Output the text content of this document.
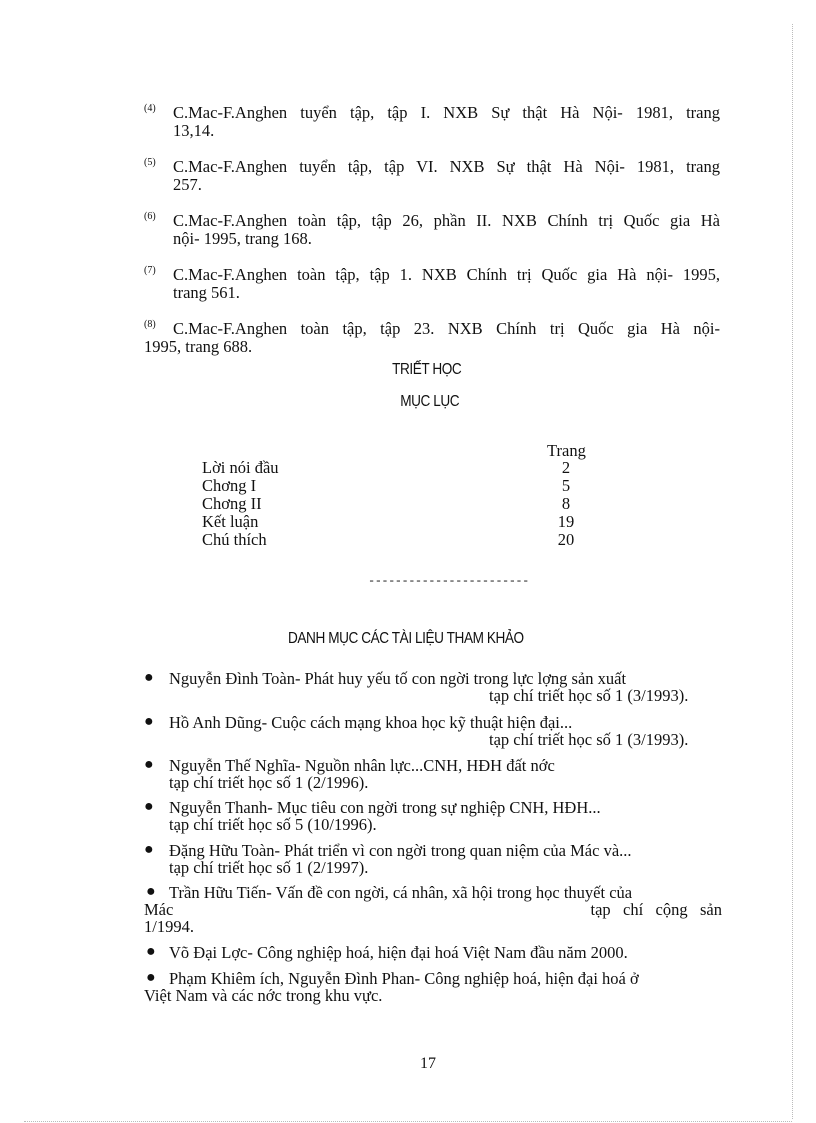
(4) C.Mac-F.Anghen tuyển tập, tập I. NXB Sự thật Hà Nội- 1981, trang
13,14.
(5) C.Mac-F.Anghen tuyển tập, tập VI. NXB Sự thật Hà Nội- 1981, trang
257.
(6) C.Mac-F.Anghen toàn tập, tập 26, phần II. NXB Chính trị Quốc gia Hà
nội- 1995, trang 168.
(7) C.Mac-F.Anghen toàn tập, tập 1. NXB Chính trị Quốc gia Hà nội- 1995,
trang 561.
(8) C.Mac-F.Anghen toàn tập, tập 23. NXB Chính trị Quốc gia Hà nội-
1995, trang 688.
TRIẾT HỌC
MỤC LỤC
Trang
Lời nói đầu	2
Chơng I	5
Chơng II	8
Kết luận	19
Chú thích	20
------------------------
DANH MỤC CÁC TÀI LIỆU THAM KHẢO
● Nguyễn Đình Toàn- Phát huy yếu tố con ngời trong lực lợng sản xuất
tạp chí triết học số 1 (3/1993).
● Hồ Anh Dũng- Cuộc cách mạng khoa học kỹ thuật hiện đại...
tạp chí triết học số 1 (3/1993).
● Nguyễn Thế Nghĩa- Nguồn nhân lực...CNH, HĐH đất nớc
tạp chí triết học số 1 (2/1996).
● Nguyễn Thanh- Mục tiêu con ngời trong sự nghiệp CNH, HĐH...
tạp chí triết học số 5 (10/1996).
● Đặng Hữu Toàn- Phát triển vì con ngời trong quan niệm của Mác và...
tạp chí triết học số 1 (2/1997).
● Trần Hữu Tiến- Vấn đề con ngời, cá nhân, xã hội trong học thuyết của
Mác	tạp   chí   cộng   sản
1/1994.
● Võ Đại Lợc- Công nghiệp hoá, hiện đại hoá Việt Nam đầu năm 2000.
● Phạm Khiêm ích, Nguyễn Đình Phan- Công nghiệp hoá, hiện đại hoá ở
Việt Nam và các nớc trong khu vực.
17
